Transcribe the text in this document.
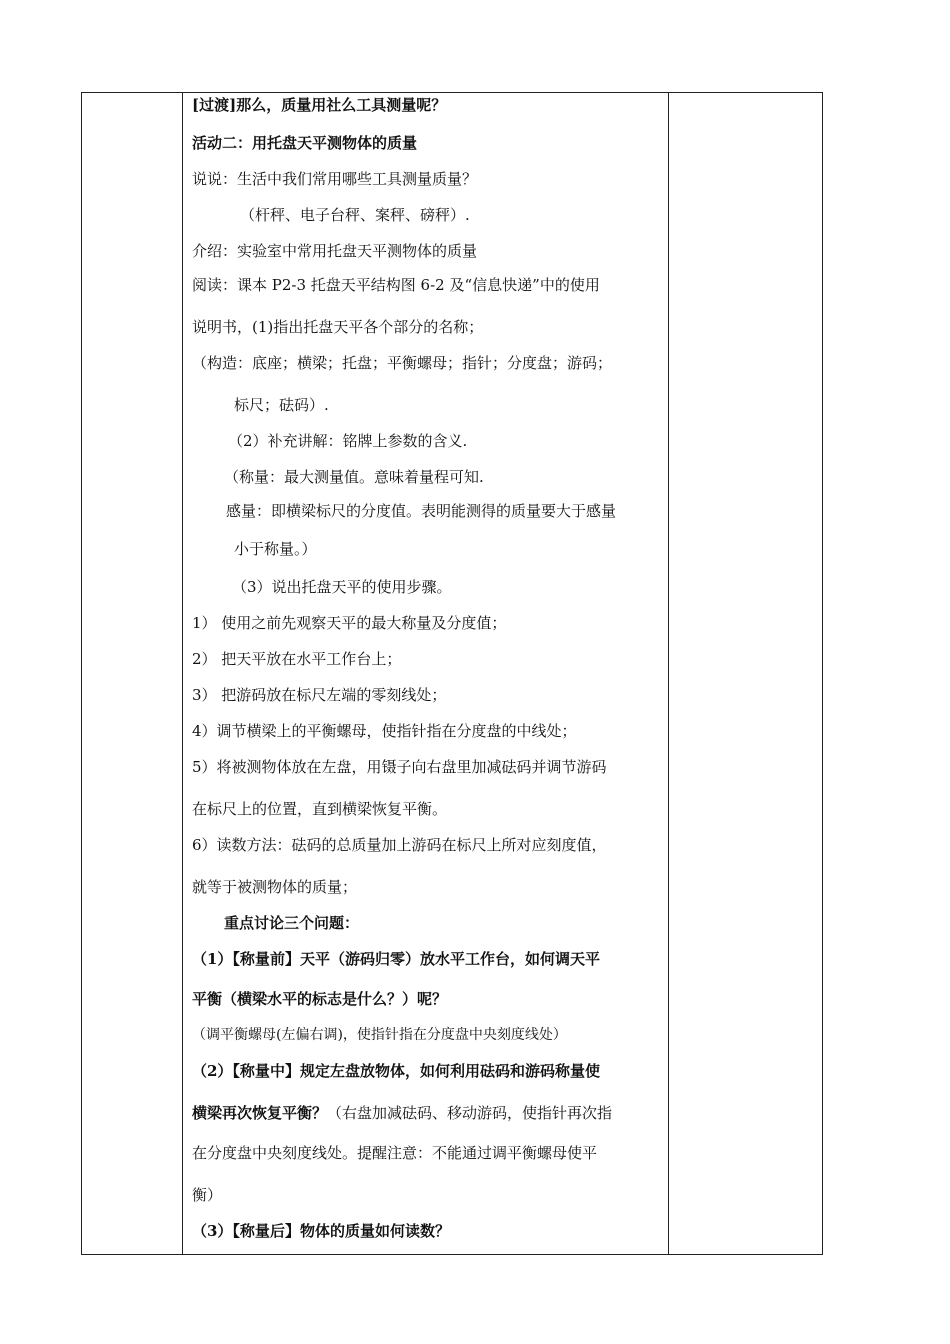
[过渡]那么，质量用社么工具测量呢？
活动二：用托盘天平测物体的质量
说说：生活中我们常用哪些工具测量质量？
（杆秤、电子台秤、案秤、磅秤）.
介绍：实验室中常用托盘天平测物体的质量
阅读：课本 P2-3 托盘天平结构图 6-2 及“信息快递”中的使用
说明书，(1)指出托盘天平各个部分的名称；
（构造：底座；横梁；托盘；平衡螺母；指针；分度盘；游码；
标尺；砝码）.
（2）补充讲解：铭牌上参数的含义.
（称量：最大测量值。意味着量程可知.
感量：即横梁标尺的分度值。表明能测得的质量要大于感量
小于称量。）
（3）说出托盘天平的使用步骤。
1） 使用之前先观察天平的最大称量及分度值；
2） 把天平放在水平工作台上；
3） 把游码放在标尺左端的零刻线处；
4）调节横梁上的平衡螺母，使指针指在分度盘的中线处；
5）将被测物体放在左盘，用镊子向右盘里加减砝码并调节游码
在标尺上的位置，直到横梁恢复平衡。
6）读数方法：砝码的总质量加上游码在标尺上所对应刻度值，
就等于被测物体的质量；
重点讨论三个问题：
（1）【称量前】天平（游码归零）放水平工作台，如何调天平
平衡（横梁水平的标志是什么？）呢？
（调平衡螺母(左偏右调)，使指针指在分度盘中央刻度线处）
（2）【称量中】规定左盘放物体，如何利用砝码和游码称量使
横梁再次恢复平衡？（右盘加减砝码、移动游码，使指针再次指
在分度盘中央刻度线处。提醒注意：不能通过调平衡螺母使平
衡）
（3）【称量后】物体的质量如何读数？
